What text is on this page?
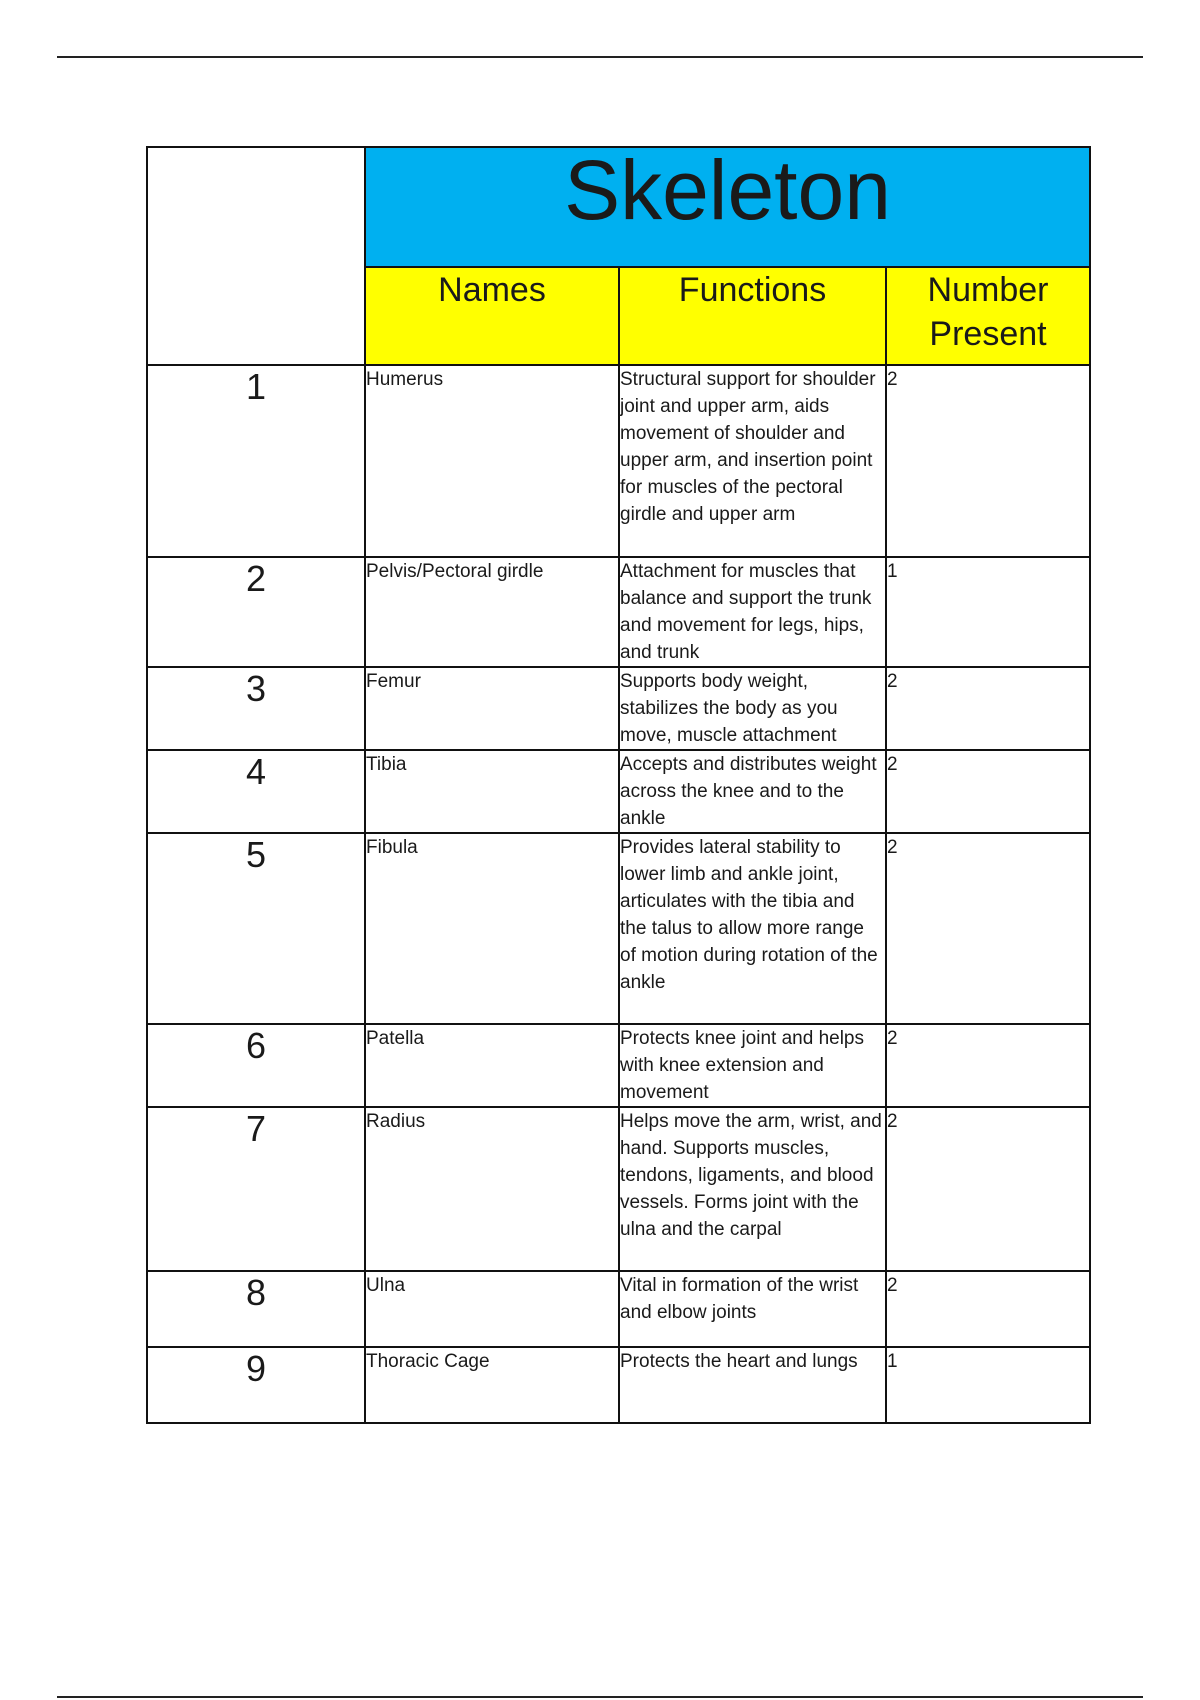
	Skeleton		
	Names	Functions	Number Present
1	Humerus	Structural support for shoulder joint and upper arm, aids movement of shoulder and upper arm, and insertion point for muscles of the pectoral girdle and upper arm	2
2	Pelvis/Pectoral girdle	Attachment for muscles that balance and support the trunk and movement for legs, hips, and trunk	1
3	Femur	Supports body weight, stabilizes the body as you move, muscle attachment	2
4	Tibia	Accepts and distributes weight across the knee and to the ankle	2
5	Fibula	Provides lateral stability to lower limb and ankle joint, articulates with the tibia and the talus to allow more range of motion during rotation of the ankle	2
6	Patella	Protects knee joint and helps with knee extension and movement	2
7	Radius	Helps move the arm, wrist, and hand. Supports muscles, tendons, ligaments, and blood vessels. Forms joint with the ulna and the carpal	2
8	Ulna	Vital in formation of the wrist and elbow joints	2
9	Thoracic Cage	Protects the heart and lungs	1
